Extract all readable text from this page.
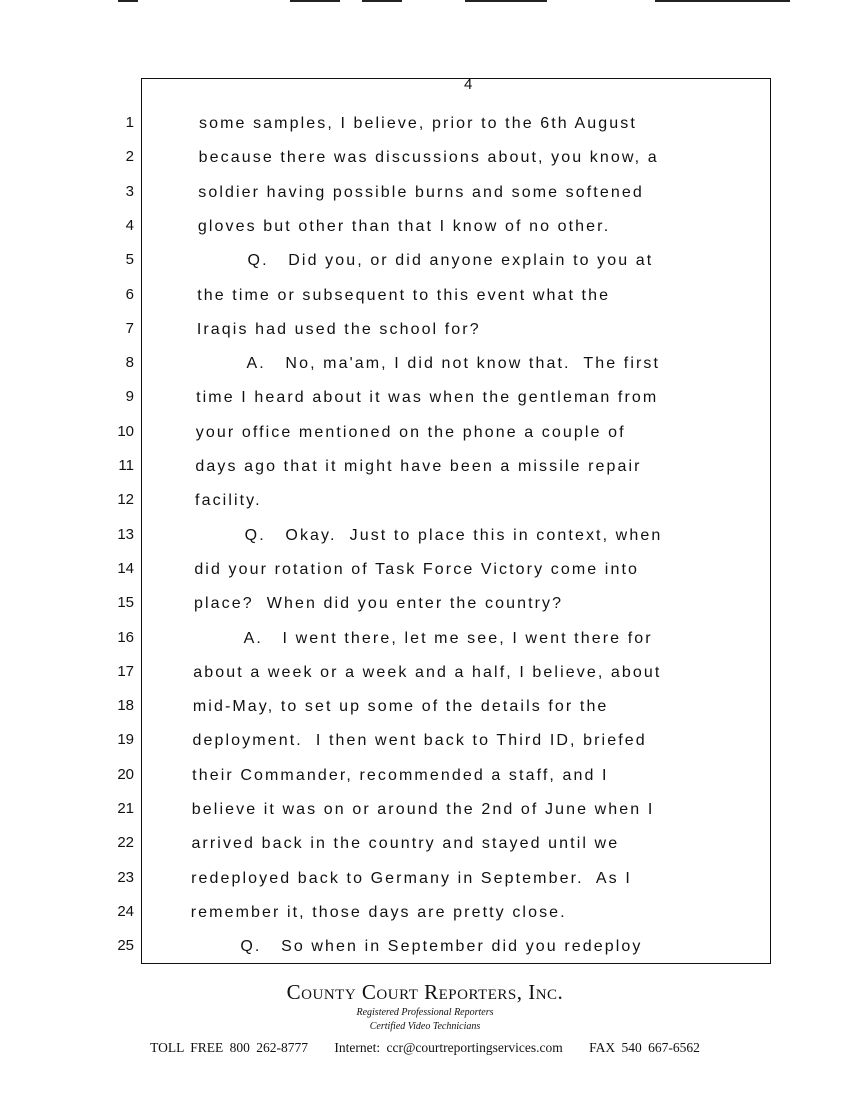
4
1	some samples, I believe, prior to the 6th August
2	because there was discussions about, you know, a
3	soldier having possible burns and some softened
4	gloves but other than that I know of no other.
5	Q.   Did you, or did anyone explain to you at
6	the time or subsequent to this event what the
7	Iraqis had used the school for?
8	A.   No, ma'am, I did not know that.  The first
9	time I heard about it was when the gentleman from
10	your office mentioned on the phone a couple of
11	days ago that it might have been a missile repair
12	facility.
13	Q.   Okay.  Just to place this in context, when
14	did your rotation of Task Force Victory come into
15	place?  When did you enter the country?
16	A.   I went there, let me see, I went there for
17	about a week or a week and a half, I believe, about
18	mid-May, to set up some of the details for the
19	deployment.  I then went back to Third ID, briefed
20	their Commander, recommended a staff, and I
21	believe it was on or around the 2nd of June when I
22	arrived back in the country and stayed until we
23	redeployed back to Germany in September.  As I
24	remember it, those days are pretty close.
25	Q.   So when in September did you redeploy
County Court Reporters, Inc.
Registered Professional Reporters
Certified Video Technicians
TOLL FREE 800 262-8777 Internet: ccr@courtreportingservices.com FAX 540 667-6562
